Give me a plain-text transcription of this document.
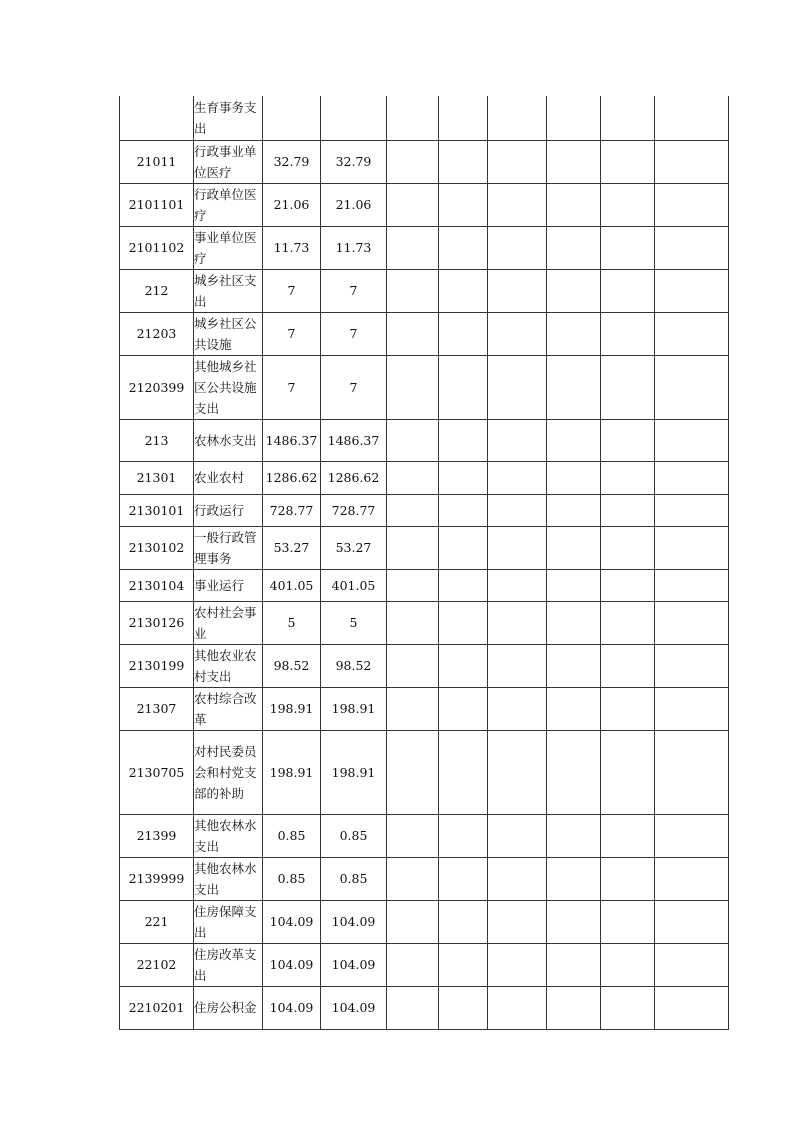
	生育事务支出								
21011	行政事业单位医疗	32.79	32.79						
2101101	行政单位医疗	21.06	21.06						
2101102	事业单位医疗	11.73	11.73						
212	城乡社区支出	7	7						
21203	城乡社区公共设施	7	7						
2120399	其他城乡社区公共设施支出	7	7						
213	农林水支出	1486.37	1486.37						
21301	农业农村	1286.62	1286.62						
2130101	行政运行	728.77	728.77						
2130102	一般行政管理事务	53.27	53.27						
2130104	事业运行	401.05	401.05						
2130126	农村社会事业	5	5						
2130199	其他农业农村支出	98.52	98.52						
21307	农村综合改革	198.91	198.91						
2130705	对村民委员会和村党支部的补助	198.91	198.91						
21399	其他农林水支出	0.85	0.85						
2139999	其他农林水支出	0.85	0.85						
221	住房保障支出	104.09	104.09						
22102	住房改革支出	104.09	104.09						
2210201	住房公积金	104.09	104.09						
